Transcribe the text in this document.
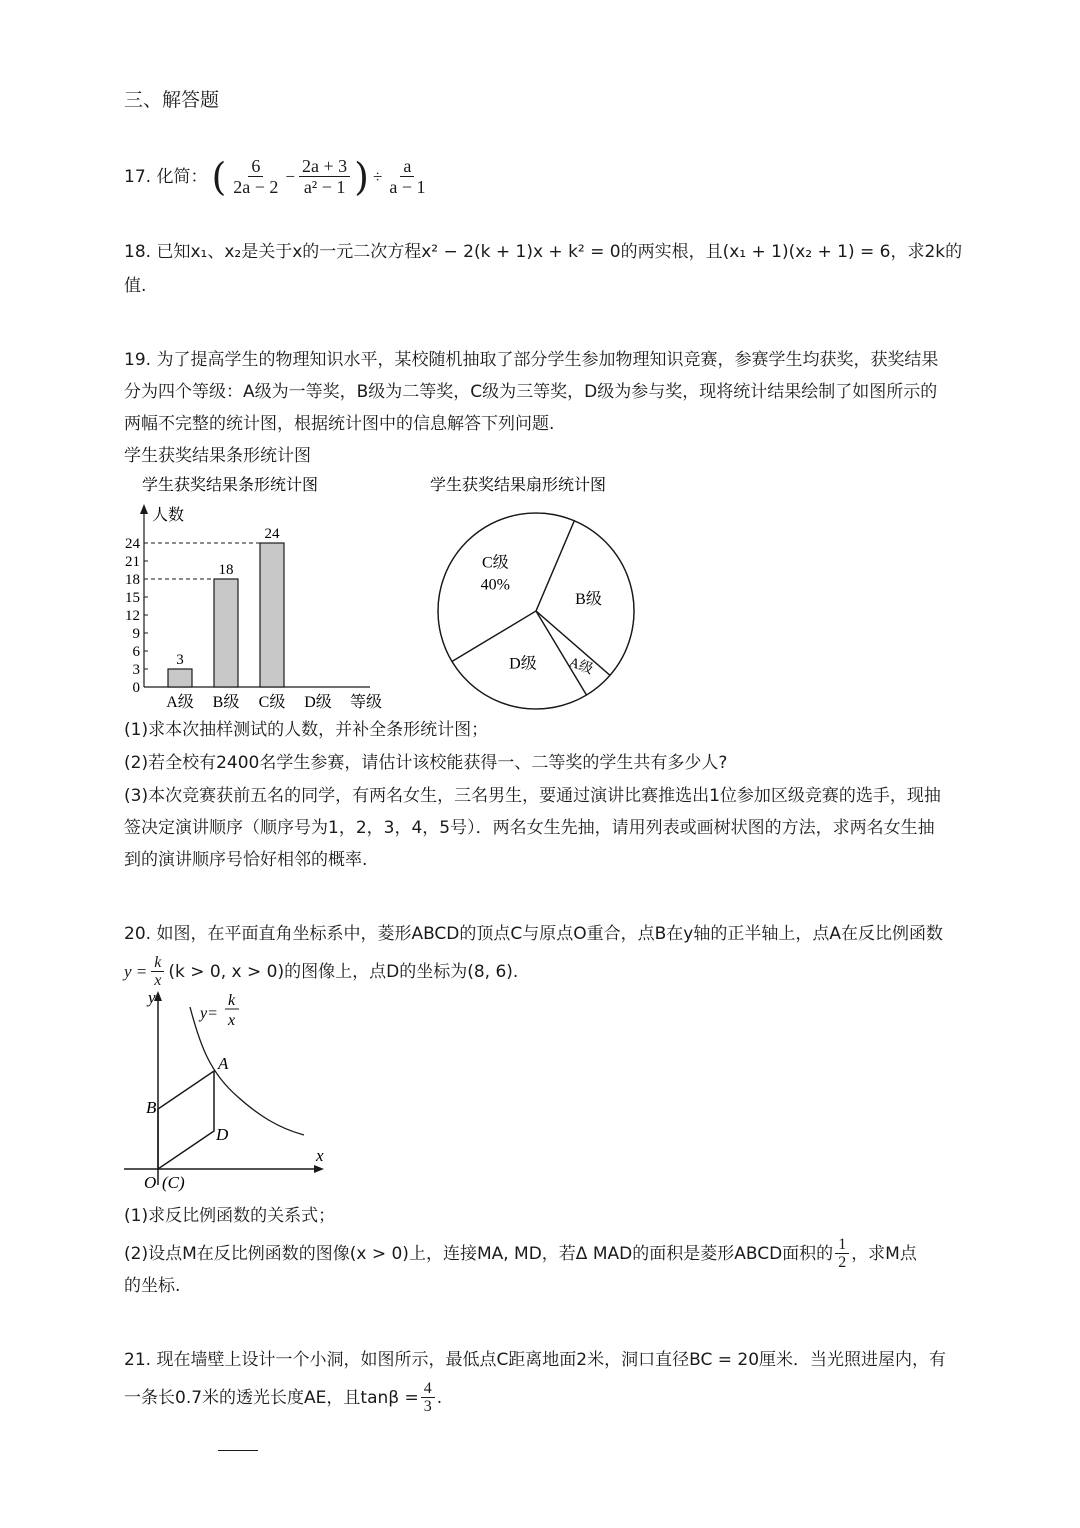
三、解答题
17. 化简： ( $\frac{6}{2a - 2} - \frac{2a + 3}{\text{a² − 1}}$ ) ÷ $\frac{a}{a - 1}$
18. 已知x₁、x₂是关于x的一元二次方程x² − 2(k + 1)x + k² = 0的两实根，且(x₁ + 1)(x₂ + 1) = 6，求2k的
值.
19. 为了提高学生的物理知识水平，某校随机抽取了部分学生参加物理知识竞赛，参赛学生均获奖，获奖结果
分为四个等级：A级为一等奖，B级为二等奖，C级为三等奖，D级为参与奖，现将统计结果绘制了如图所示的
两幅不完整的统计图，根据统计图中的信息解答下列问题.
学生获奖结果条形统计图
学生获奖结果条形统计图
人数
等级
0
3
6
9
12
15
18
21
24
A级
3
B级
18
C级
24
D级
学生获奖结果扇形统计图
B级
A级
D级
C级
40%
(1)求本次抽样测试的人数，并补全条形统计图；
(2)若全校有2400名学生参赛，请估计该校能获得一、二等奖的学生共有多少人?
(3)本次竞赛获前五名的同学，有两名女生，三名男生，要通过演讲比赛推选出1位参加区级竞赛的选手，现抽
签决定演讲顺序（顺序号为1，2，3，4，5号）．两名女生先抽，请用列表或画树状图的方法，求两名女生抽
到的演讲顺序号恰好相邻的概率.
20. 如图，在平面直角坐标系中，菱形ABCD的顶点C与原点O重合，点B在y轴的正半轴上，点A在反比例函数
$y = \frac{k}{x} (k > 0$, x > 0)的图像上，点D的坐标为(8, 6).
y
x
y=
k
x
A
B
D
O (C)
(1)求反比例函数的关系式；
(2)设点M在反比例函数的图像(x > 0)上，连接MA, MD，若Δ MAD的面积是菱形ABCD面积的 $\frac{1}{2}$ ，求M点
的坐标.
21. 现在墙壁上设计一个小洞，如图所示，最低点C距离地面2米，洞口直径BC = 20厘米．当光照进屋内，有
一条长0.7米的透光长度AE，且$\tan\beta = \frac{4}{3}$ .
